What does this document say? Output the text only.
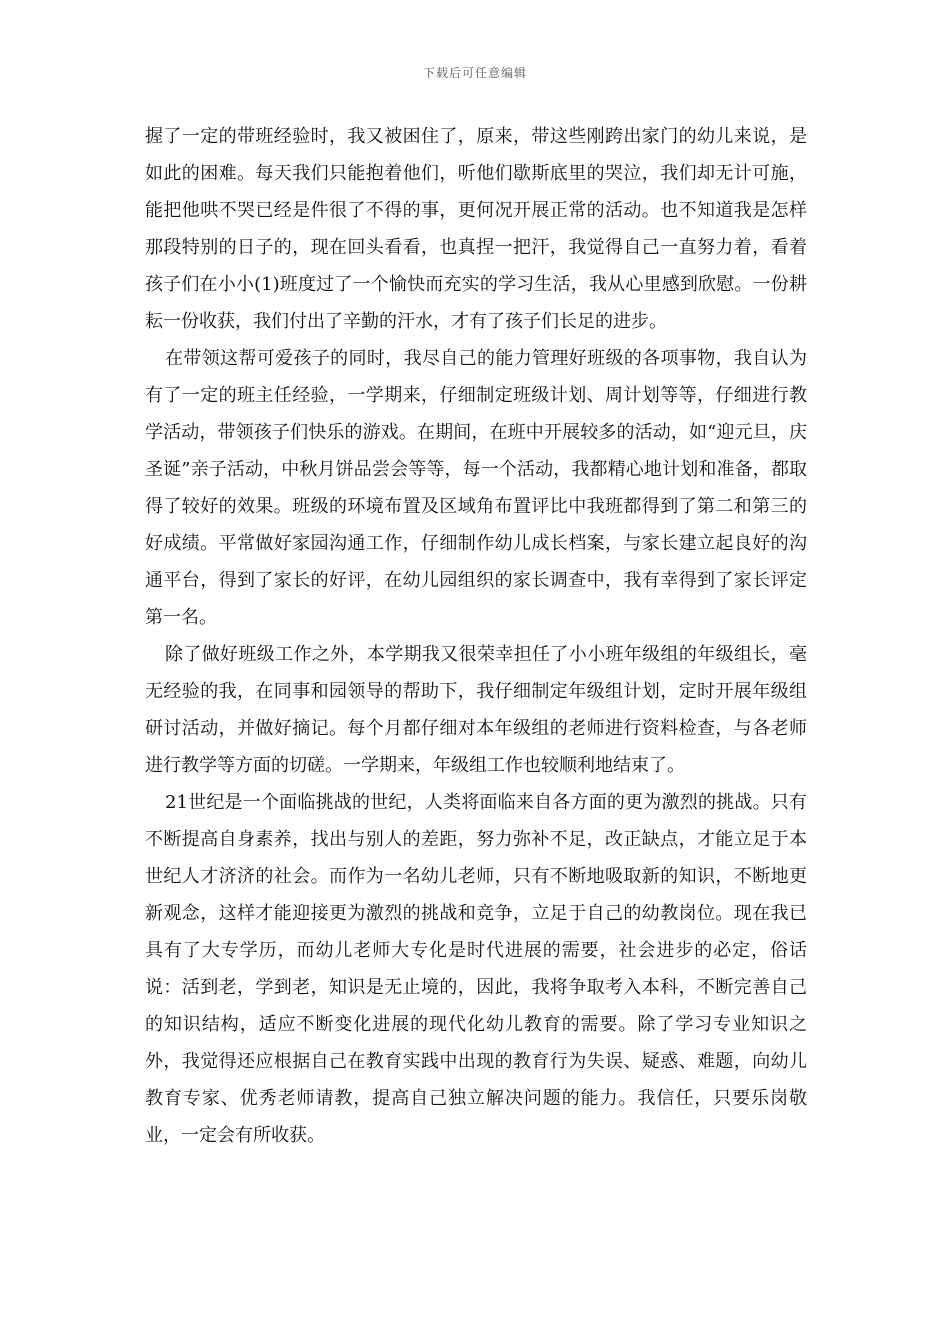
下载后可任意编辑

握了一定的带班经验时，我又被困住了，原来，带这些刚跨出家门的幼儿来说，是如此的困难。每天我们只能抱着他们，听他们歇斯底里的哭泣，我们却无计可施，能把他哄不哭已经是件很了不得的事，更何况开展正常的活动。也不知道我是怎样那段特别的日子的，现在回头看看，也真捏一把汗，我觉得自己一直努力着，看着孩子们在小小(1)班度过了一个愉快而充实的学习生活，我从心里感到欣慰。一份耕耘一份收获，我们付出了辛勤的汗水，才有了孩子们长足的进步。

在带领这帮可爱孩子的同时，我尽自己的能力管理好班级的各项事物，我自认为有了一定的班主任经验，一学期来，仔细制定班级计划、周计划等等，仔细进行教学活动，带领孩子们快乐的游戏。在期间，在班中开展较多的活动，如“迎元旦，庆圣诞”亲子活动，中秋月饼品尝会等等，每一个活动，我都精心地计划和准备，都取得了较好的效果。班级的环境布置及区域角布置评比中我班都得到了第二和第三的好成绩。平常做好家园沟通工作，仔细制作幼儿成长档案，与家长建立起良好的沟通平台，得到了家长的好评，在幼儿园组织的家长调查中，我有幸得到了家长评定第一名。

除了做好班级工作之外，本学期我又很荣幸担任了小小班年级组的年级组长，毫无经验的我，在同事和园领导的帮助下，我仔细制定年级组计划，定时开展年级组研讨活动，并做好摘记。每个月都仔细对本年级组的老师进行资料检查，与各老师进行教学等方面的切磋。一学期来，年级组工作也较顺利地结束了。

21世纪是一个面临挑战的世纪，人类将面临来自各方面的更为激烈的挑战。只有不断提高自身素养，找出与别人的差距，努力弥补不足，改正缺点，才能立足于本世纪人才济济的社会。而作为一名幼儿老师，只有不断地吸取新的知识，不断地更新观念，这样才能迎接更为激烈的挑战和竞争，立足于自己的幼教岗位。现在我已具有了大专学历，而幼儿老师大专化是时代进展的需要，社会进步的必定，俗话说：活到老，学到老，知识是无止境的，因此，我将争取考入本科，不断完善自己的知识结构，适应不断变化进展的现代化幼儿教育的需要。除了学习专业知识之外，我觉得还应根据自己在教育实践中出现的教育行为失误、疑惑、难题，向幼儿教育专家、优秀老师请教，提高自己独立解决问题的能力。我信任，只要乐岗敬业，一定会有所收获。
